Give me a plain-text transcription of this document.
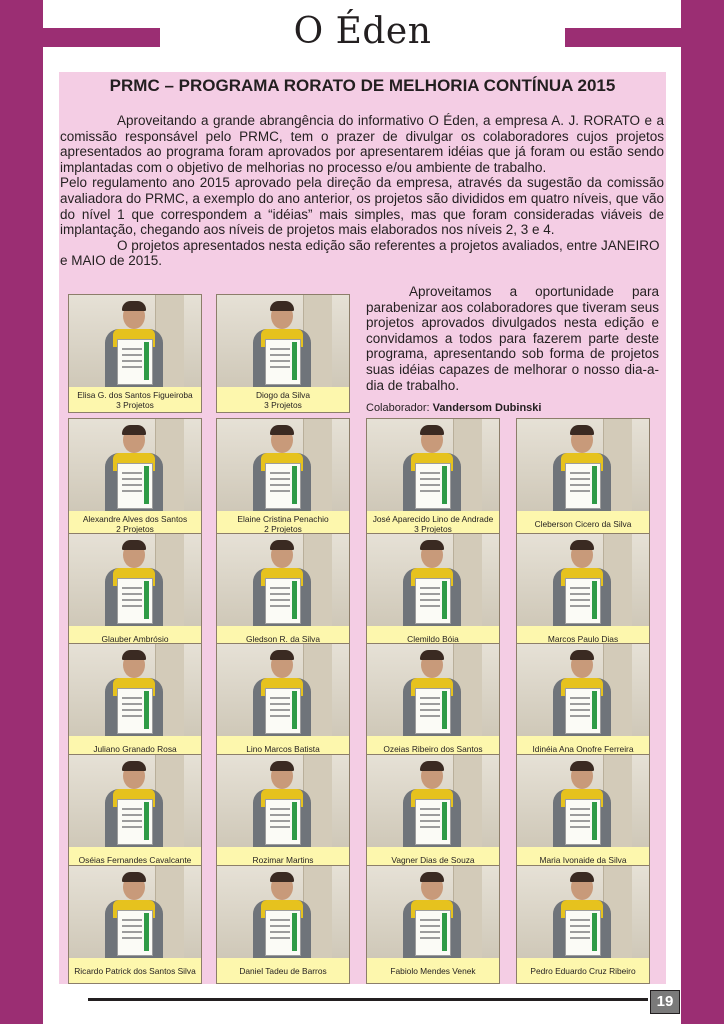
O Éden
PRMC – PROGRAMA RORATO DE MELHORIA CONTÍNUA 2015

Aproveitando a grande abrangência do informativo O Éden, a empresa A. J. RORATO e a comissão responsável pelo PRMC, tem o prazer de divulgar os colaboradores cujos projetos apresentados ao programa foram aprovados por apresentarem idéias que já foram ou estão sendo implantadas com o objetivo de melhorias no processo e/ou ambiente de trabalho.

Pelo regulamento ano 2015 aprovado pela direção da empresa, através da sugestão da comissão avaliadora do PRMC, a exemplo do ano anterior, os projetos são divididos em quatro níveis, que vão do nível 1 que correspondem a “idéias” mais simples, mas que foram consideradas viáveis de implantação, chegando aos níveis de projetos mais elaborados nos níveis 2, 3 e 4.

O projetos apresentados nesta edição são referentes a projetos avaliados, entre JANEIRO e MAIO de 2015.

Aproveitamos a oportunidade para parabenizar aos colaboradores que tiveram seus projetos aprovados divulgados nesta edição e convidamos a todos para fazerem parte deste programa, apresentando sob forma de projetos suas idéias capazes de melhorar o nosso dia-a-dia de trabalho.
Colaborador: Vandersom Dubinski
Elisa G. dos Santos Figueiroba
3 Projetos
Diogo da Silva
3 Projetos
Alexandre Alves dos Santos
2 Projetos
Elaine Cristina Penachio
2 Projetos
José Aparecido Lino de Andrade
3 Projetos	Cleberson Cicero da Silva
Glauber Ambrósio	Gledson R. da Silva	Clemildo Bóia	Marcos Paulo Dias
Juliano Granado Rosa	Lino Marcos Batista	Ozeias Ribeiro dos Santos	Idinéia Ana Onofre Ferreira
Oséias Fernandes Cavalcante	Rozimar Martins	Vagner Dias de Souza	Maria Ivonaide da Silva
Ricardo Patrick dos Santos Silva	Daniel Tadeu de Barros	Fabiolo Mendes Venek	Pedro Eduardo Cruz Ribeiro
19
